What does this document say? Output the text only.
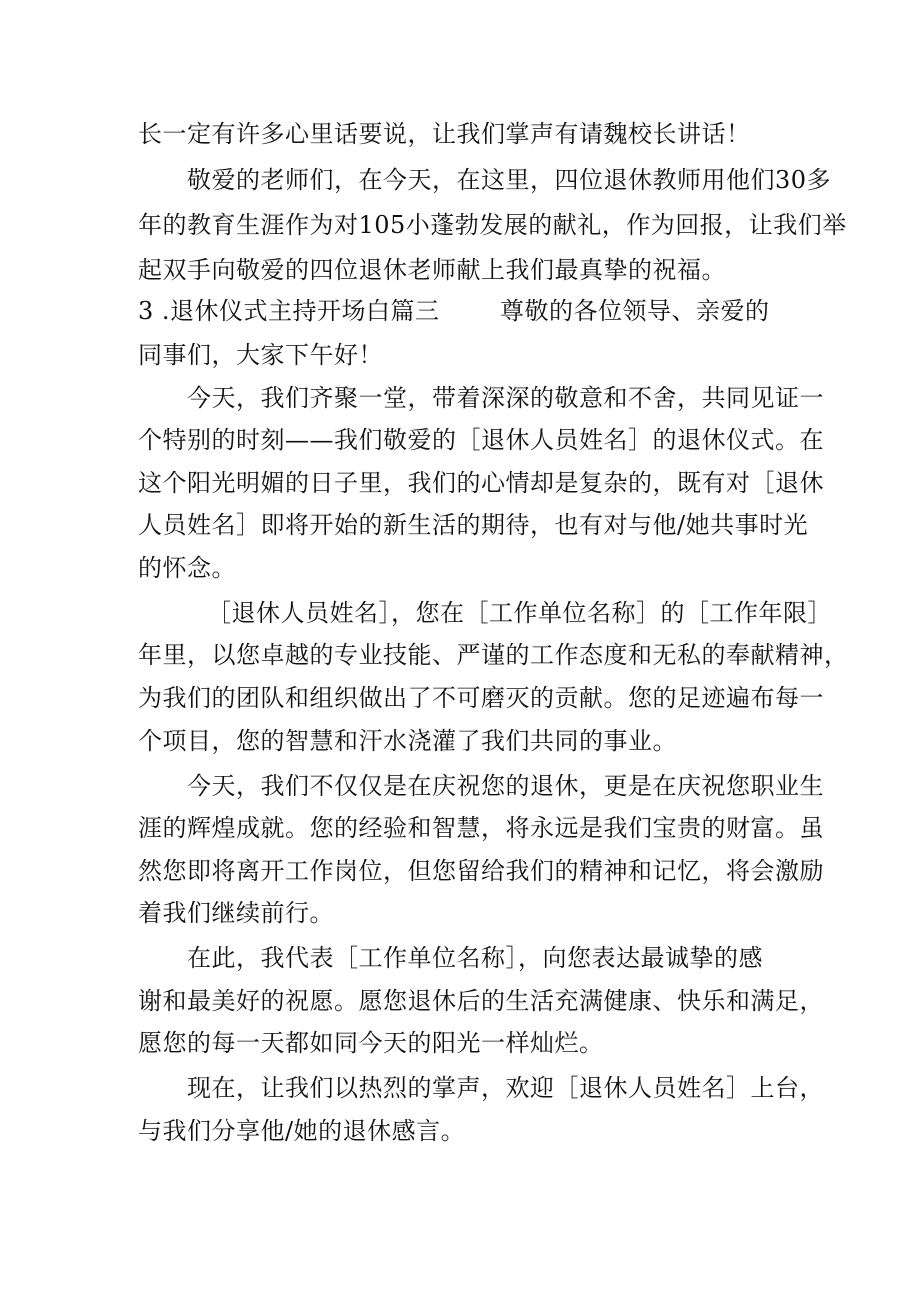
长一定有许多心里话要说，让我们掌声有请魏校长讲话！
敬爱的老师们，在今天，在这里，四位退休教师用他们30多
年的教育生涯作为对105小蓬勃发展的献礼，作为回报，让我们举
起双手向敬爱的四位退休老师献上我们最真挚的祝福。
3 .退休仪式主持开场白篇三	尊敬的各位领导、亲爱的
同事们，大家下午好！
今天，我们齐聚一堂，带着深深的敬意和不舍，共同见证一
个特别的时刻——我们敬爱的［退休人员姓名］的退休仪式。在
这个阳光明媚的日子里，我们的心情却是复杂的，既有对［退休
人员姓名］即将开始的新生活的期待，也有对与他/她共事时光
的怀念。
［退休人员姓名］，您在［工作单位名称］的［工作年限］
年里，以您卓越的专业技能、严谨的工作态度和无私的奉献精神，
为我们的团队和组织做出了不可磨灭的贡献。您的足迹遍布每一
个项目，您的智慧和汗水浇灌了我们共同的事业。
今天，我们不仅仅是在庆祝您的退休，更是在庆祝您职业生
涯的辉煌成就。您的经验和智慧，将永远是我们宝贵的财富。虽
然您即将离开工作岗位，但您留给我们的精神和记忆，将会激励
着我们继续前行。
在此，我代表［工作单位名称］，向您表达最诚挚的感
谢和最美好的祝愿。愿您退休后的生活充满健康、快乐和满足，
愿您的每一天都如同今天的阳光一样灿烂。
现在，让我们以热烈的掌声，欢迎［退休人员姓名］上台，
与我们分享他/她的退休感言。
